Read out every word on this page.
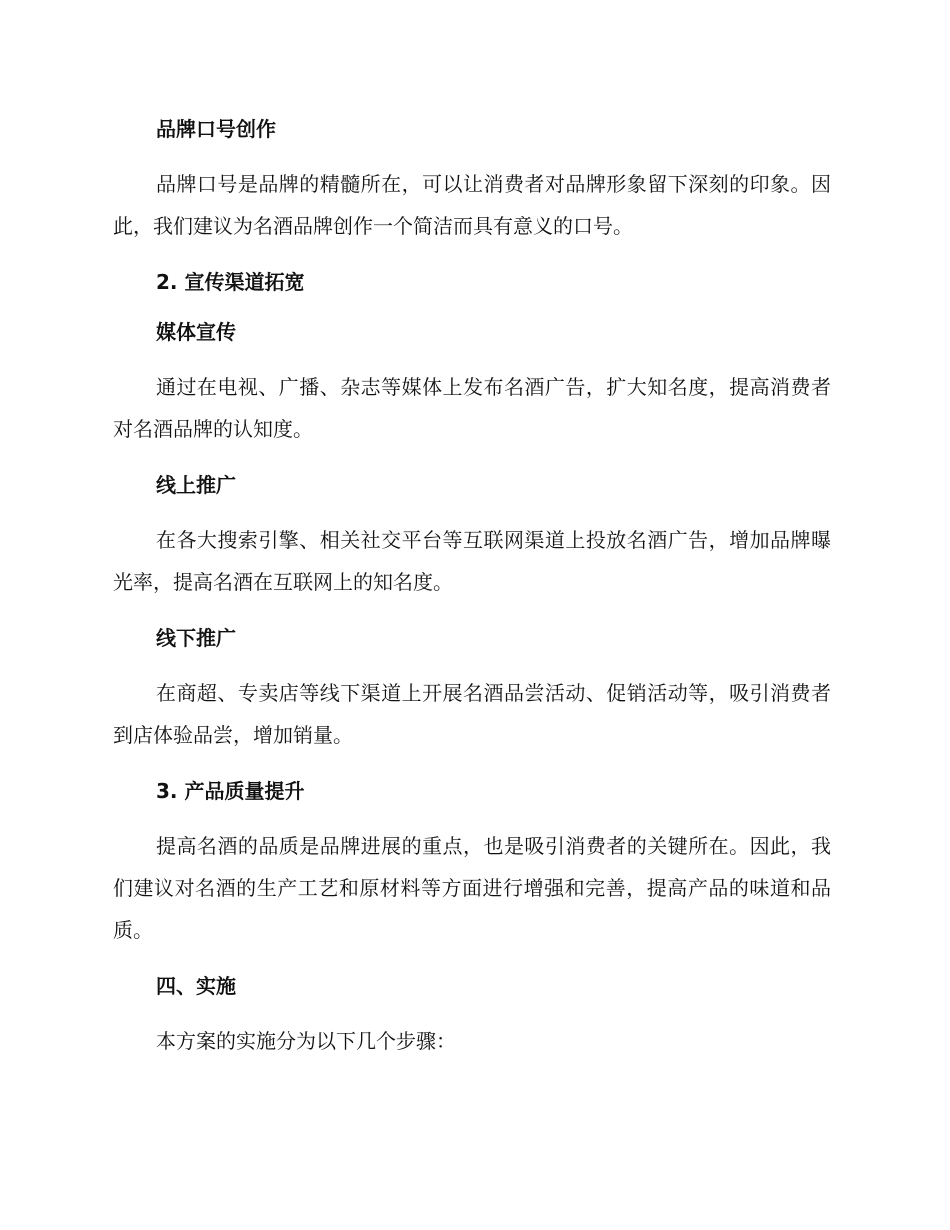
品牌口号创作

品牌口号是品牌的精髓所在，可以让消费者对品牌形象留下深刻的印象。因此，我们建议为名酒品牌创作一个简洁而具有意义的口号。

2. 宣传渠道拓宽
媒体宣传

通过在电视、广播、杂志等媒体上发布名酒广告，扩大知名度，提高消费者对名酒品牌的认知度。

线上推广

在各大搜索引擎、相关社交平台等互联网渠道上投放名酒广告，增加品牌曝光率，提高名酒在互联网上的知名度。

线下推广

在商超、专卖店等线下渠道上开展名酒品尝活动、促销活动等，吸引消费者到店体验品尝，增加销量。

3. 产品质量提升

提高名酒的品质是品牌进展的重点，也是吸引消费者的关键所在。因此，我们建议对名酒的生产工艺和原材料等方面进行增强和完善，提高产品的味道和品质。

四、实施

本方案的实施分为以下几个步骤：
